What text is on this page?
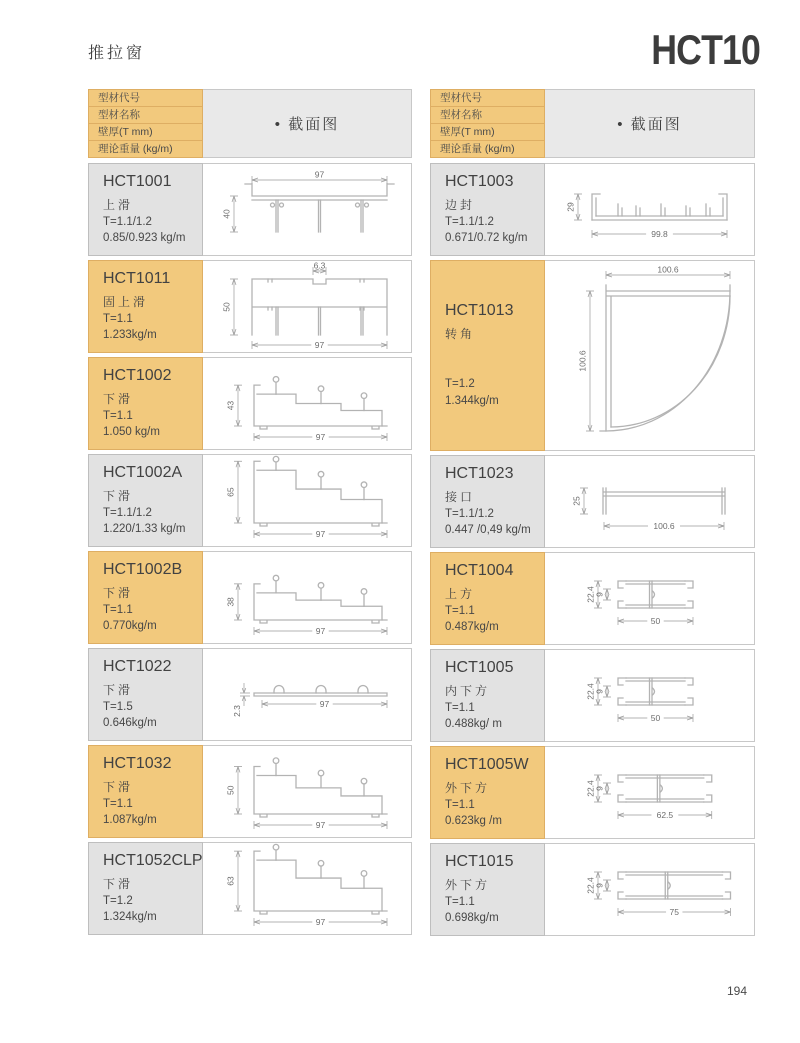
推拉窗	HCT10
型材代号
型材名称
壁厚(T mm)
理论重量 (kg/m)
• 截面图
HCT1001
上滑
T=1.1/1.2
0.85/0.923 kg/m
97
40
HCT1011
固上滑
T=1.1
1.233kg/m
6.3
50
97
HCT1002
下滑
T=1.1
1.050 kg/m
43
97
HCT1002A
下滑
T=1.1/1.2
1.220/1.33 kg/m
65
97
HCT1002B
下滑
T=1.1
0.770kg/m
38
97
HCT1022
下滑
T=1.5
0.646kg/m
2.3
97
HCT1032
下滑
T=1.1
1.087kg/m
50
97
HCT1052CLP
下滑
T=1.2
1.324kg/m
63
97
型材代号
型材名称
壁厚(T mm)
理论重量 (kg/m)
• 截面图
HCT1003
边封
T=1.1/1.2
0.671/0.72 kg/m
29
99.8
HCT1013
转角
T=1.2
1.344kg/m
100.6
100.6
HCT1023
接口
T=1.1/1.2
0.447 /0,49 kg/m
25
100.6
HCT1004
上方
T=1.1
0.487kg/m
22.4 9
50
HCT1005
内下方
T=1.1
0.488kg/ m
22.4 9
50
HCT1005W
外下方
T=1.1
0.623kg /m
22.4 9
62.5
HCT1015
外下方
T=1.1
0.698kg/m
22.4 9
75
194
